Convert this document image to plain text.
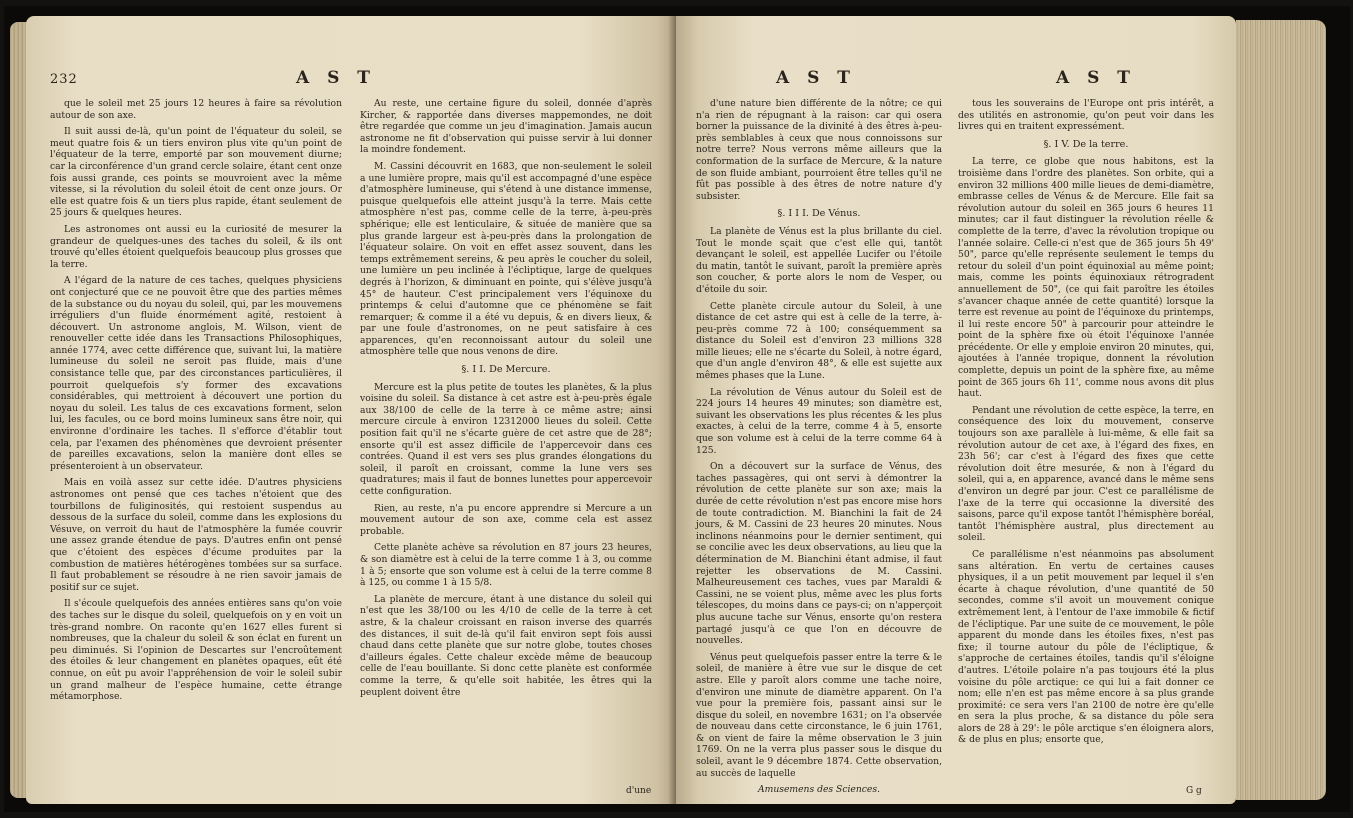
232	A S T

que le soleil met 25 jours 12 heures à faire sa révolution autour de son axe.

Il suit aussi de-là, qu'un point de l'équateur du soleil, se meut quatre fois & un tiers environ plus vite qu'un point de l'équateur de la terre, emporté par son mouvement diurne; car la circonférence d'un grand cercle solaire, étant cent onze fois aussi grande, ces points se mouvroient avec la même vitesse, si la révolution du soleil étoit de cent onze jours. Or elle est quatre fois & un tiers plus rapide, étant seulement de 25 jours & quelques heures.

Les astronomes ont aussi eu la curiosité de mesurer la grandeur de quelques-unes des taches du soleil, & ils ont trouvé qu'elles étoient quelquefois beaucoup plus grosses que la terre.

A l'égard de la nature de ces taches, quelques physiciens ont conjecturé que ce ne pouvoit être que des parties mêmes de la substance ou du noyau du soleil, qui, par les mouvemens irréguliers d'un fluide énormément agité, restoient à découvert. Un astronome anglois, M. Wilson, vient de renouveller cette idée dans les Transactions Philosophiques, année 1774, avec cette différence que, suivant lui, la matière lumineuse du soleil ne seroit pas fluide, mais d'une consistance telle que, par des circonstances particulières, il pourroit quelquefois s'y former des excavations considérables, qui mettroient à découvert une portion du noyau du soleil. Les talus de ces excavations forment, selon lui, les facules, ou ce bord moins lumineux sans être noir, qui environne d'ordinaire les taches. Il s'efforce d'établir tout cela, par l'examen des phénomènes que devroient présenter de pareilles excavations, selon la manière dont elles se présenteroient à un observateur.

Mais en voilà assez sur cette idée. D'autres physiciens astronomes ont pensé que ces taches n'étoient que des tourbillons de fuliginosités, qui restoient suspendus au dessous de la surface du soleil, comme dans les explosions du Vésuve, on verroit du haut de l'atmosphère la fumée couvrir une assez grande étendue de pays. D'autres enfin ont pensé que c'étoient des espèces d'écume produites par la combustion de matières hétérogènes tombées sur sa surface. Il faut probablement se résoudre à ne rien savoir jamais de positif sur ce sujet.

Il s'écoule quelquefois des années entières sans qu'on voie des taches sur le disque du soleil, quelquefois on y en voit un très-grand nombre. On raconte qu'en 1627 elles furent si nombreuses, que la chaleur du soleil & son éclat en furent un peu diminués. Si l'opinion de Descartes sur l'encroûtement des étoiles & leur changement en planètes opaques, eût été connue, on eût pu avoir l'appréhension de voir le soleil subir un grand malheur de l'espèce humaine, cette étrange métamorphose.

Au reste, une certaine figure du soleil, donnée d'après Kircher, & rapportée dans diverses mappemondes, ne doit être regardée que comme un jeu d'imagination. Jamais aucun astronome ne fit d'observation qui puisse servir à lui donner la moindre fondement.

M. Cassini découvrit en 1683, que non-seulement le soleil a une lumière propre, mais qu'il est accompagné d'une espèce d'atmosphère lumineuse, qui s'étend à une distance immense, puisque quelquefois elle atteint jusqu'à la terre. Mais cette atmosphère n'est pas, comme celle de la terre, à-peu-près sphérique; elle est lenticulaire, & située de manière que sa plus grande largeur est à-peu-près dans la prolongation de l'équateur solaire. On voit en effet assez souvent, dans les temps extrêmement sereins, & peu après le coucher du soleil, une lumière un peu inclinée à l'écliptique, large de quelques degrés à l'horizon, & diminuant en pointe, qui s'élève jusqu'à 45° de hauteur. C'est principalement vers l'équinoxe du printemps & celui d'automne que ce phénomène se fait remarquer; & comme il a été vu depuis, & en divers lieux, & par une foule d'astronomes, on ne peut satisfaire à ces apparences, qu'en reconnoissant autour du soleil une atmosphère telle que nous venons de dire.

§. I I. De Mercure.

Mercure est la plus petite de toutes les planètes, & la plus voisine du soleil. Sa distance à cet astre est à-peu-près égale aux 38/100 de celle de la terre à ce même astre; ainsi mercure circule à environ 12312000 lieues du soleil. Cette position fait qu'il ne s'écarte guère de cet astre que de 28°; ensorte qu'il est assez difficile de l'appercevoir dans ces contrées. Quand il est vers ses plus grandes élongations du soleil, il paroît en croissant, comme la lune vers ses quadratures; mais il faut de bonnes lunettes pour appercevoir cette configuration.

Rien, au reste, n'a pu encore apprendre si Mercure a un mouvement autour de son axe, comme cela est assez probable.

Cette planète achève sa révolution en 87 jours 23 heures, & son diamètre est à celui de la terre comme 1 à 3, ou comme 1 à 5; ensorte que son volume est à celui de la terre comme 8 à 125, ou comme 1 à 15 5/8.

La planète de mercure, étant à une distance du soleil qui n'est que les 38/100 ou les 4/10 de celle de la terre à cet astre, & la chaleur croissant en raison inverse des quarrés des distances, il suit de-là qu'il fait environ sept fois aussi chaud dans cette planète que sur notre globe, toutes choses d'ailleurs égales. Cette chaleur excède même de beaucoup celle de l'eau bouillante. Si donc cette planète est conformée comme la terre, & qu'elle soit habitée, les êtres qui la peuplent doivent être

d'une
A S T	A S T

d'une nature bien différente de la nôtre; ce qui n'a rien de répugnant à la raison: car qui osera borner la puissance de la divinité à des êtres à-peu-près semblables à ceux que nous connoissons sur notre terre? Nous verrons même ailleurs que la conformation de la surface de Mercure, & la nature de son fluide ambiant, pourroient être telles qu'il ne fût pas possible à des êtres de notre nature d'y subsister.

§. I I I. De Vénus.

La planète de Vénus est la plus brillante du ciel. Tout le monde sçait que c'est elle qui, tantôt devançant le soleil, est appellée Lucifer ou l'étoile du matin, tantôt le suivant, paroît la première après son coucher, & porte alors le nom de Vesper, ou d'étoile du soir.

Cette planète circule autour du Soleil, à une distance de cet astre qui est à celle de la terre, à-peu-près comme 72 à 100; conséquemment sa distance du Soleil est d'environ 23 millions 328 mille lieues; elle ne s'écarte du Soleil, à notre égard, que d'un angle d'environ 48°, & elle est sujette aux mêmes phases que la Lune.

La révolution de Vénus autour du Soleil est de 224 jours 14 heures 49 minutes; son diamètre est, suivant les observations les plus récentes & les plus exactes, à celui de la terre, comme 4 à 5, ensorte que son volume est à celui de la terre comme 64 à 125.

On a découvert sur la surface de Vénus, des taches passagères, qui ont servi à démontrer la révolution de cette planète sur son axe; mais la durée de cette révolution n'est pas encore mise hors de toute contradiction. M. Bianchini la fait de 24 jours, & M. Cassini de 23 heures 20 minutes. Nous inclinons néanmoins pour le dernier sentiment, qui se concilie avec les deux observations, au lieu que la détermination de M. Bianchini étant admise, il faut rejetter les observations de M. Cassini. Malheureusement ces taches, vues par Maraldi & Cassini, ne se voient plus, même avec les plus forts télescopes, du moins dans ce pays-ci; on n'apperçoit plus aucune tache sur Vénus, ensorte qu'on restera partagé jusqu'à ce que l'on en découvre de nouvelles.

Vénus peut quelquefois passer entre la terre & le soleil, de manière à être vue sur le disque de cet astre. Elle y paroît alors comme une tache noire, d'environ une minute de diamètre apparent. On l'a vue pour la première fois, passant ainsi sur le disque du soleil, en novembre 1631; on l'a observée de nouveau dans cette circonstance, le 6 juin 1761, & on vient de faire la même observation le 3 juin 1769. On ne la verra plus passer sous le disque du soleil, avant le 9 décembre 1874. Cette observation, au succès de laquelle

Amusemens des Sciences.

tous les souverains de l'Europe ont pris intérêt, a des utilités en astronomie, qu'on peut voir dans les livres qui en traitent expressément.

§. I V. De la terre.

La terre, ce globe que nous habitons, est la troisième dans l'ordre des planètes. Son orbite, qui a environ 32 millions 400 mille lieues de demi-diamètre, embrasse celles de Vénus & de Mercure. Elle fait sa révolution autour du soleil en 365 jours 6 heures 11 minutes; car il faut distinguer la révolution réelle & complette de la terre, d'avec la révolution tropique ou l'année solaire. Celle-ci n'est que de 365 jours 5h 49' 50", parce qu'elle représente seulement le temps du retour du soleil d'un point équinoxial au même point; mais, comme les points équinoxiaux rétrogradent annuellement de 50", (ce qui fait paroître les étoiles s'avancer chaque année de cette quantité) lorsque la terre est revenue au point de l'équinoxe du printemps, il lui reste encore 50" à parcourir pour atteindre le point de la sphère fixe où étoit l'équinoxe l'année précédente. Or elle y emploie environ 20 minutes, qui, ajoutées à l'année tropique, donnent la révolution complette, depuis un point de la sphère fixe, au même point de 365 jours 6h 11', comme nous avons dit plus haut.

Pendant une révolution de cette espèce, la terre, en conséquence des loix du mouvement, conserve toujours son axe parallèle à lui-même, & elle fait sa révolution autour de cet axe, à l'égard des fixes, en 23h 56'; car c'est à l'égard des fixes que cette révolution doit être mesurée, & non à l'égard du soleil, qui a, en apparence, avancé dans le même sens d'environ un degré par jour. C'est ce parallélisme de l'axe de la terre qui occasionne la diversité des saisons, parce qu'il expose tantôt l'hémisphère boréal, tantôt l'hémisphère austral, plus directement au soleil.

Ce parallélisme n'est néanmoins pas absolument sans altération. En vertu de certaines causes physiques, il a un petit mouvement par lequel il s'en écarte à chaque révolution, d'une quantité de 50 secondes, comme s'il avoit un mouvement conique extrêmement lent, à l'entour de l'axe immobile & fictif de l'écliptique. Par une suite de ce mouvement, le pôle apparent du monde dans les étoiles fixes, n'est pas fixe; il tourne autour du pôle de l'écliptique, & s'approche de certaines étoiles, tandis qu'il s'éloigne d'autres. L'étoile polaire n'a pas toujours été la plus voisine du pôle arctique: ce qui lui a fait donner ce nom; elle n'en est pas même encore à sa plus grande proximité: ce sera vers l'an 2100 de notre ère qu'elle en sera la plus proche, & sa distance du pôle sera alors de 28 à 29': le pôle arctique s'en éloignera alors, & de plus en plus; ensorte que,

G g
